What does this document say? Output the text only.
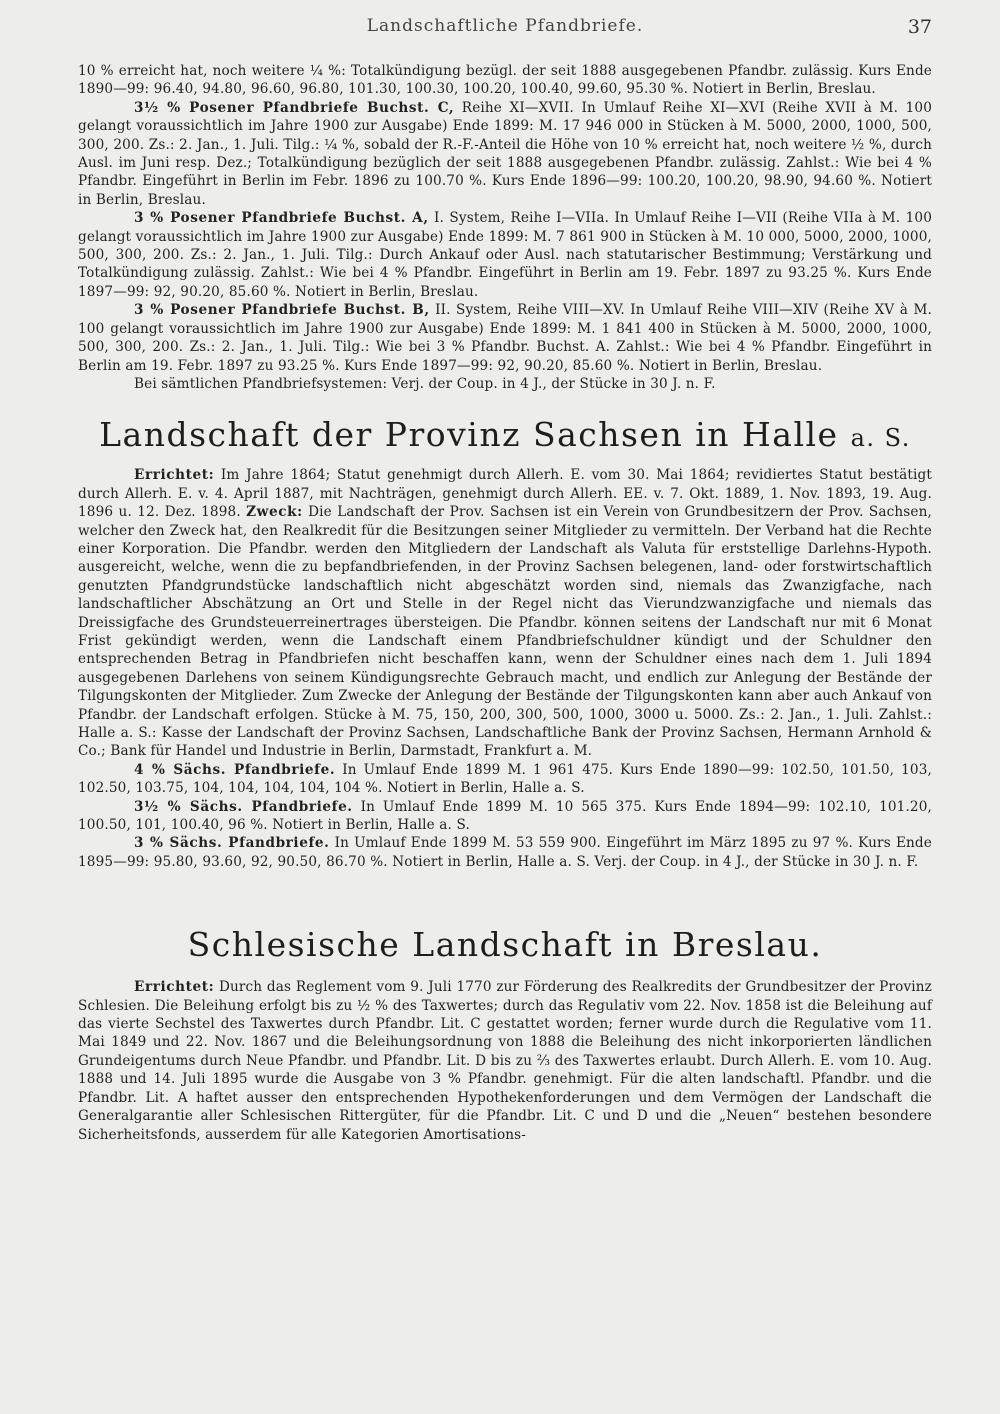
Landschaftliche Pfandbriefe.	37

10 % erreicht hat, noch weitere ¼ %: Totalkündigung bezügl. der seit 1888 ausgegebenen Pfandbr. zulässig. Kurs Ende 1890—99: 96.40, 94.80, 96.60, 96.80, 101.30, 100.30, 100.20, 100.40, 99.60, 95.30 %. Notiert in Berlin, Breslau.

3½ % Posener Pfandbriefe Buchst. C, Reihe XI—XVII. In Umlauf Reihe XI—XVI (Reihe XVII à M. 100 gelangt voraussichtlich im Jahre 1900 zur Ausgabe) Ende 1899: M. 17 946 000 in Stücken à M. 5000, 2000, 1000, 500, 300, 200. Zs.: 2. Jan., 1. Juli. Tilg.: ¼ %, sobald der R.-F.-Anteil die Höhe von 10 % erreicht hat, noch weitere ½ %, durch Ausl. im Juni resp. Dez.; Totalkündigung bezüglich der seit 1888 ausgegebenen Pfandbr. zulässig. Zahlst.: Wie bei 4 % Pfandbr. Eingeführt in Berlin im Febr. 1896 zu 100.70 %. Kurs Ende 1896—99: 100.20, 100.20, 98.90, 94.60 %. Notiert in Berlin, Breslau.

3 % Posener Pfandbriefe Buchst. A, I. System, Reihe I—VIIa. In Umlauf Reihe I—VII (Reihe VIIa à M. 100 gelangt voraussichtlich im Jahre 1900 zur Ausgabe) Ende 1899: M. 7 861 900 in Stücken à M. 10 000, 5000, 2000, 1000, 500, 300, 200. Zs.: 2. Jan., 1. Juli. Tilg.: Durch Ankauf oder Ausl. nach statutarischer Bestimmung; Verstärkung und Totalkündigung zulässig. Zahlst.: Wie bei 4 % Pfandbr. Eingeführt in Berlin am 19. Febr. 1897 zu 93.25 %. Kurs Ende 1897—99: 92, 90.20, 85.60 %. Notiert in Berlin, Breslau.

3 % Posener Pfandbriefe Buchst. B, II. System, Reihe VIII—XV. In Umlauf Reihe VIII—XIV (Reihe XV à M. 100 gelangt voraussichtlich im Jahre 1900 zur Ausgabe) Ende 1899: M. 1 841 400 in Stücken à M. 5000, 2000, 1000, 500, 300, 200. Zs.: 2. Jan., 1. Juli. Tilg.: Wie bei 3 % Pfandbr. Buchst. A. Zahlst.: Wie bei 4 % Pfandbr. Eingeführt in Berlin am 19. Febr. 1897 zu 93.25 %. Kurs Ende 1897—99: 92, 90.20, 85.60 %. Notiert in Berlin, Breslau.

Bei sämtlichen Pfandbriefsystemen: Verj. der Coup. in 4 J., der Stücke in 30 J. n. F.

Landschaft der Provinz Sachsen in Halle a. S.

Errichtet: Im Jahre 1864; Statut genehmigt durch Allerh. E. vom 30. Mai 1864; revidiertes Statut bestätigt durch Allerh. E. v. 4. April 1887, mit Nachträgen, genehmigt durch Allerh. EE. v. 7. Okt. 1889, 1. Nov. 1893, 19. Aug. 1896 u. 12. Dez. 1898. Zweck: Die Landschaft der Prov. Sachsen ist ein Verein von Grundbesitzern der Prov. Sachsen, welcher den Zweck hat, den Realkredit für die Besitzungen seiner Mitglieder zu vermitteln. Der Verband hat die Rechte einer Korporation. Die Pfandbr. werden den Mitgliedern der Landschaft als Valuta für erststellige Darlehns-Hypoth. ausgereicht, welche, wenn die zu bepfandbriefenden, in der Provinz Sachsen belegenen, land- oder forstwirtschaftlich genutzten Pfandgrundstücke landschaftlich nicht abgeschätzt worden sind, niemals das Zwanzigfache, nach landschaftlicher Abschätzung an Ort und Stelle in der Regel nicht das Vierundzwanzigfache und niemals das Dreissigfache des Grundsteuerreinertrages übersteigen. Die Pfandbr. können seitens der Landschaft nur mit 6 Monat Frist gekündigt werden, wenn die Landschaft einem Pfandbriefschuldner kündigt und der Schuldner den entsprechenden Betrag in Pfandbriefen nicht beschaffen kann, wenn der Schuldner eines nach dem 1. Juli 1894 ausgegebenen Darlehens von seinem Kündigungsrechte Gebrauch macht, und endlich zur Anlegung der Bestände der Tilgungskonten der Mitglieder. Zum Zwecke der Anlegung der Bestände der Tilgungskonten kann aber auch Ankauf von Pfandbr. der Landschaft erfolgen. Stücke à M. 75, 150, 200, 300, 500, 1000, 3000 u. 5000. Zs.: 2. Jan., 1. Juli. Zahlst.: Halle a. S.: Kasse der Landschaft der Provinz Sachsen, Landschaftliche Bank der Provinz Sachsen, Hermann Arnhold & Co.; Bank für Handel und Industrie in Berlin, Darmstadt, Frankfurt a. M.

4 % Sächs. Pfandbriefe. In Umlauf Ende 1899 M. 1 961 475. Kurs Ende 1890—99: 102.50, 101.50, 103, 102.50, 103.75, 104, 104, 104, 104, 104 %. Notiert in Berlin, Halle a. S.

3½ % Sächs. Pfandbriefe. In Umlauf Ende 1899 M. 10 565 375. Kurs Ende 1894—99: 102.10, 101.20, 100.50, 101, 100.40, 96 %. Notiert in Berlin, Halle a. S.

3 % Sächs. Pfandbriefe. In Umlauf Ende 1899 M. 53 559 900. Eingeführt im März 1895 zu 97 %. Kurs Ende 1895—99: 95.80, 93.60, 92, 90.50, 86.70 %. Notiert in Berlin, Halle a. S. Verj. der Coup. in 4 J., der Stücke in 30 J. n. F.

Schlesische Landschaft in Breslau.

Errichtet: Durch das Reglement vom 9. Juli 1770 zur Förderung des Realkredits der Grundbesitzer der Provinz Schlesien. Die Beleihung erfolgt bis zu ½ % des Taxwertes; durch das Regulativ vom 22. Nov. 1858 ist die Beleihung auf das vierte Sechstel des Taxwertes durch Pfandbr. Lit. C gestattet worden; ferner wurde durch die Regulative vom 11. Mai 1849 und 22. Nov. 1867 und die Beleihungsordnung von 1888 die Beleihung des nicht inkorporierten ländlichen Grundeigentums durch Neue Pfandbr. und Pfandbr. Lit. D bis zu ⅔ des Taxwertes erlaubt. Durch Allerh. E. vom 10. Aug. 1888 und 14. Juli 1895 wurde die Ausgabe von 3 % Pfandbr. genehmigt. Für die alten landschaftl. Pfandbr. und die Pfandbr. Lit. A haftet ausser den entsprechenden Hypothekenforderungen und dem Vermögen der Landschaft die Generalgarantie aller Schlesischen Rittergüter, für die Pfandbr. Lit. C und D und die „Neuen“ bestehen besondere Sicherheitsfonds, ausserdem für alle Kategorien Amortisations-
